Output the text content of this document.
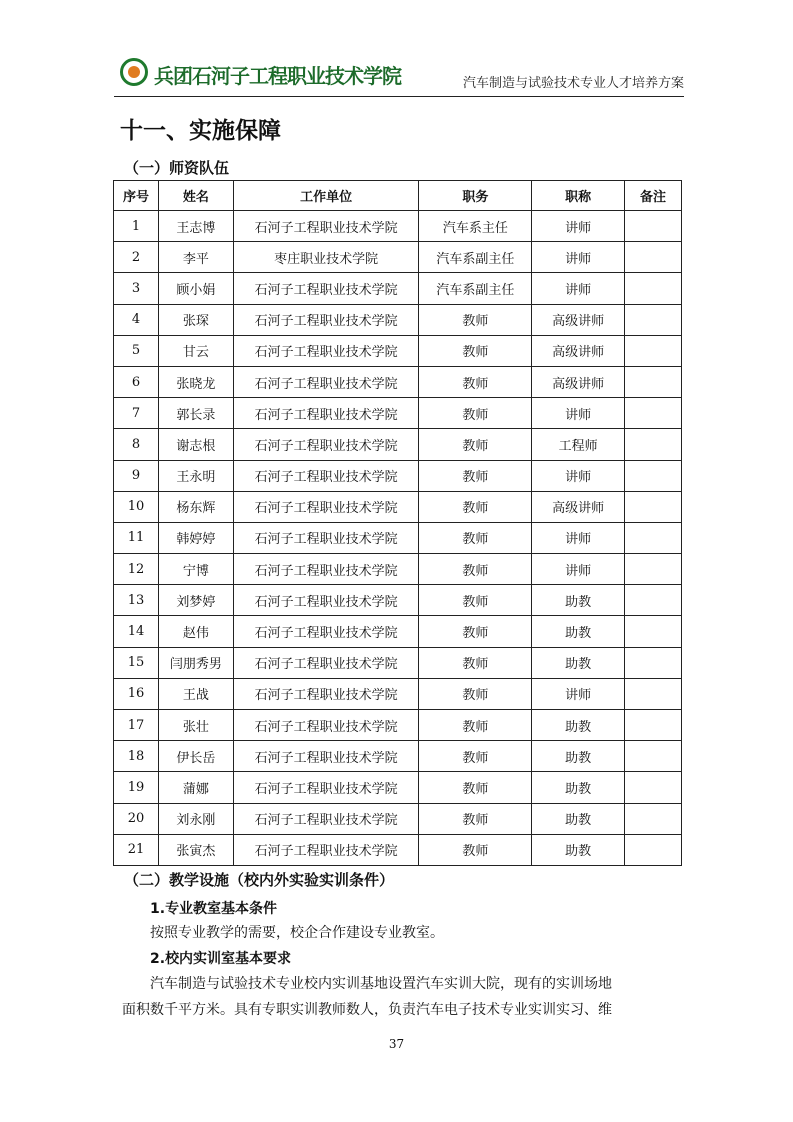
兵团石河子工程职业技术学院	汽车制造与试验技术专业人才培养方案
十一、实施保障
（一）师资队伍
序号	姓名	工作单位	职务	职称	备注
1	王志博	石河子工程职业技术学院	汽车系主任	讲师	
2	李平	枣庄职业技术学院	汽车系副主任	讲师	
3	顾小娟	石河子工程职业技术学院	汽车系副主任	讲师	
4	张琛	石河子工程职业技术学院	教师	高级讲师	
5	甘云	石河子工程职业技术学院	教师	高级讲师	
6	张晓龙	石河子工程职业技术学院	教师	高级讲师	
7	郭长录	石河子工程职业技术学院	教师	讲师	
8	谢志根	石河子工程职业技术学院	教师	工程师	
9	王永明	石河子工程职业技术学院	教师	讲师	
10	杨东辉	石河子工程职业技术学院	教师	高级讲师	
11	韩婷婷	石河子工程职业技术学院	教师	讲师	
12	宁博	石河子工程职业技术学院	教师	讲师	
13	刘梦婷	石河子工程职业技术学院	教师	助教	
14	赵伟	石河子工程职业技术学院	教师	助教	
15	闫朋秀男	石河子工程职业技术学院	教师	助教	
16	王战	石河子工程职业技术学院	教师	讲师	
17	张壮	石河子工程职业技术学院	教师	助教	
18	伊长岳	石河子工程职业技术学院	教师	助教	
19	蒲娜	石河子工程职业技术学院	教师	助教	
20	刘永刚	石河子工程职业技术学院	教师	助教	
21	张寅杰	石河子工程职业技术学院	教师	助教	
（二）教学设施（校内外实验实训条件）
1.专业教室基本条件
按照专业教学的需要，校企合作建设专业教室。
2.校内实训室基本要求
汽车制造与试验技术专业校内实训基地设置汽车实训大院，现有的实训场地
面积数千平方米。具有专职实训教师数人，负责汽车电子技术专业实训实习、维
37
